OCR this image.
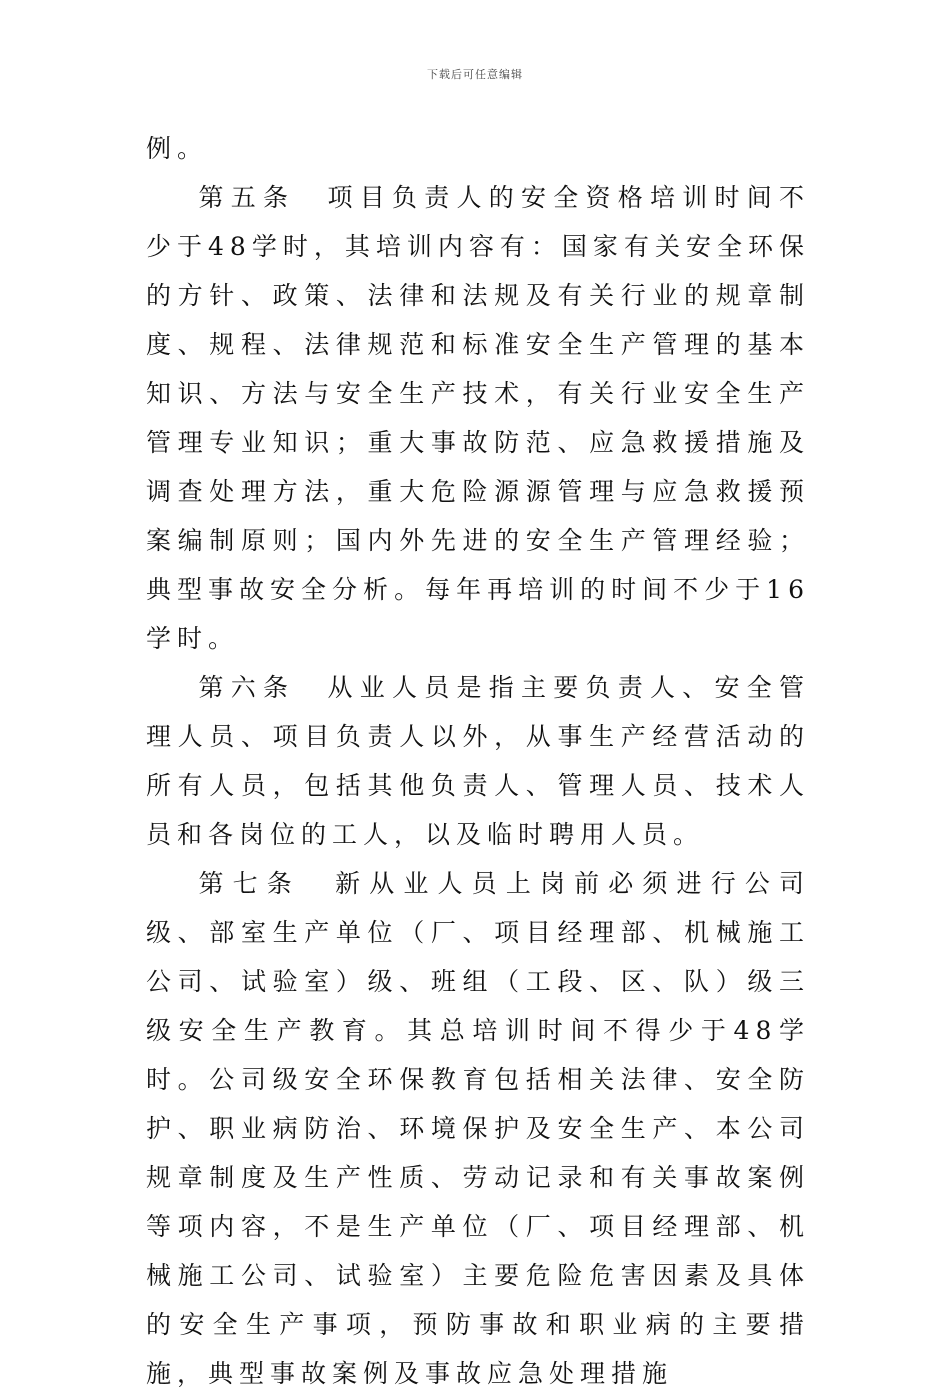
下载后可任意编辑

例。

第五条　项目负责人的安全资格培训时间不少于48学时，其培训内容有：国家有关安全环保的方针、政策、法律和法规及有关行业的规章制度、规程、法律规范和标准安全生产管理的基本知识、方法与安全生产技术，有关行业安全生产管理专业知识；重大事故防范、应急救援措施及调查处理方法，重大危险源源管理与应急救援预案编制原则；国内外先进的安全生产管理经验；典型事故安全分析。每年再培训的时间不少于16学时。

第六条　从业人员是指主要负责人、安全管理人员、项目负责人以外，从事生产经营活动的所有人员，包括其他负责人、管理人员、技术人员和各岗位的工人，以及临时聘用人员。

第七条　新从业人员上岗前必须进行公司级、部室生产单位（厂、项目经理部、机械施工公司、试验室）级、班组（工段、区、队）级三级安全生产教育。其总培训时间不得少于48学时。公司级安全环保教育包括相关法律、安全防护、职业病防治、环境保护及安全生产、本公司规章制度及生产性质、劳动记录和有关事故案例等项内容，不是生产单位（厂、项目经理部、机械施工公司、试验室）主要危险危害因素及具体的安全生产事项，预防事故和职业病的主要措施，典型事故案例及事故应急处理措施
